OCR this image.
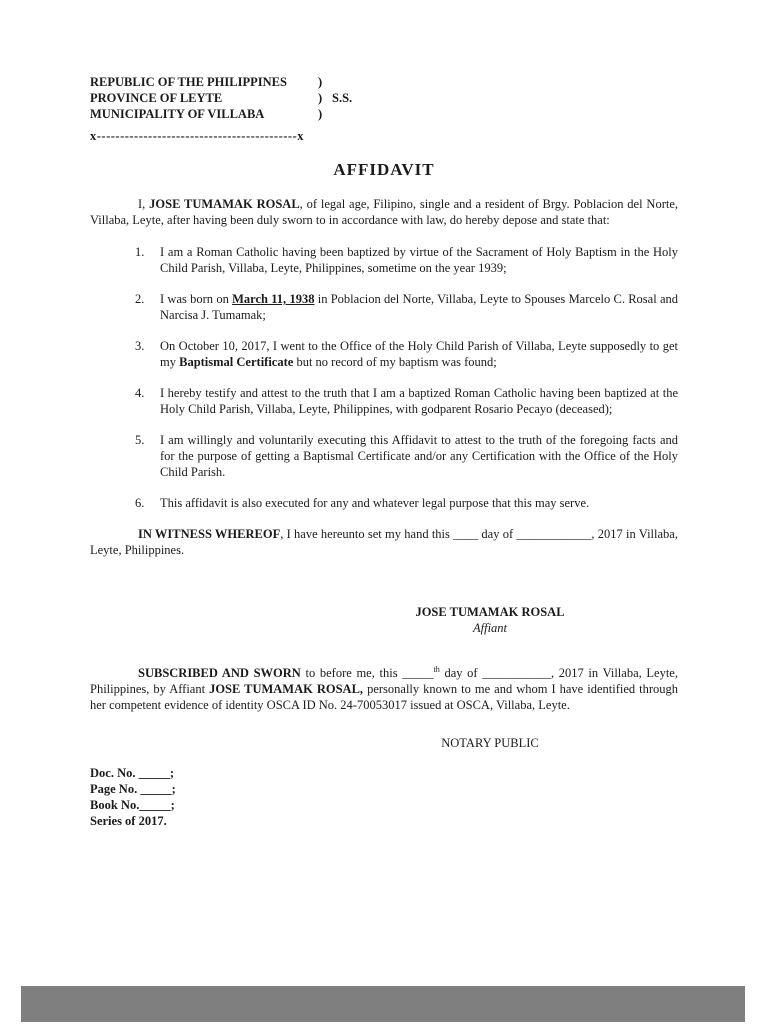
REPUBLIC OF THE PHILIPPINES	)
PROVINCE OF LEYTE	) S.S.
MUNICIPALITY OF VILLABA	)
x-------------------------------------------x
AFFIDAVIT

I, JOSE TUMAMAK ROSAL, of legal age, Filipino, single and a resident of Brgy. Poblacion del Norte, Villaba, Leyte, after having been duly sworn to in accordance with law, do hereby depose and state that:

1.	I am a Roman Catholic having been baptized by virtue of the Sacrament of Holy Baptism in the Holy Child Parish, Villaba, Leyte, Philippines, sometime on the year 1939;
2.	I was born on March 11, 1938 in Poblacion del Norte, Villaba, Leyte to Spouses Marcelo C. Rosal and Narcisa J. Tumamak;
3.	On October 10, 2017, I went to the Office of the Holy Child Parish of Villaba, Leyte supposedly to get my Baptismal Certificate but no record of my baptism was found;
4.	I hereby testify and attest to the truth that I am a baptized Roman Catholic having been baptized at the Holy Child Parish, Villaba, Leyte, Philippines, with godparent Rosario Pecayo (deceased);
5.	I am willingly and voluntarily executing this Affidavit to attest to the truth of the foregoing facts and for the purpose of getting a Baptismal Certificate and/or any Certification with the Office of the Holy Child Parish.
6.	This affidavit is also executed for any and whatever legal purpose that this may serve.

IN WITNESS WHEREOF, I have hereunto set my hand this ____ day of ____________, 2017 in Villaba, Leyte, Philippines.

JOSE TUMAMAK ROSAL
Affiant

SUBSCRIBED AND SWORN to before me, this _____$^{th}$ day of ___________, 2017 in Villaba, Leyte, Philippines, by Affiant JOSE TUMAMAK ROSAL, personally known to me and whom I have identified through her competent evidence of identity OSCA ID No. 24-70053017 issued at OSCA, Villaba, Leyte.

NOTARY PUBLIC
Doc. No. _____;
Page No. _____;
Book No._____;
Series of 2017.
